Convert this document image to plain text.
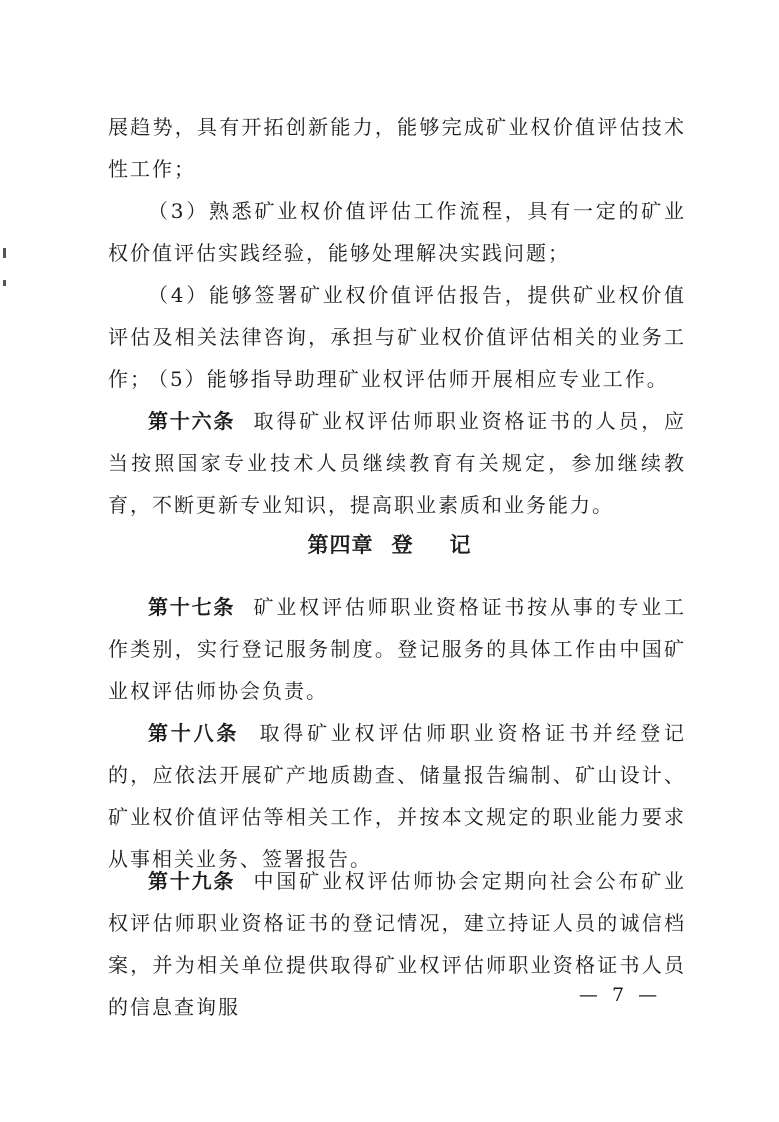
展趋势，具有开拓创新能力，能够完成矿业权价值评估技术性工作；

（3）熟悉矿业权价值评估工作流程，具有一定的矿业权价值评估实践经验，能够处理解决实践问题；

（4）能够签署矿业权价值评估报告，提供矿业权价值评估及相关法律咨询，承担与矿业权价值评估相关的业务工作；

（5）能够指导助理矿业权评估师开展相应专业工作。

第十六条 取得矿业权评估师职业资格证书的人员，应当按照国家专业技术人员继续教育有关规定，参加继续教育，不断更新专业知识，提高职业素质和业务能力。

第四章 登 记

第十七条 矿业权评估师职业资格证书按从事的专业工作类别，实行登记服务制度。登记服务的具体工作由中国矿业权评估师协会负责。

第十八条 取得矿业权评估师职业资格证书并经登记的，应依法开展矿产地质勘查、储量报告编制、矿山设计、矿业权价值评估等相关工作，并按本文规定的职业能力要求从事相关业务、签署报告。

第十九条 中国矿业权评估师协会定期向社会公布矿业权评估师职业资格证书的登记情况，建立持证人员的诚信档案，并为相关单位提供取得矿业权评估师职业资格证书人员的信息查询服	— 7 —
